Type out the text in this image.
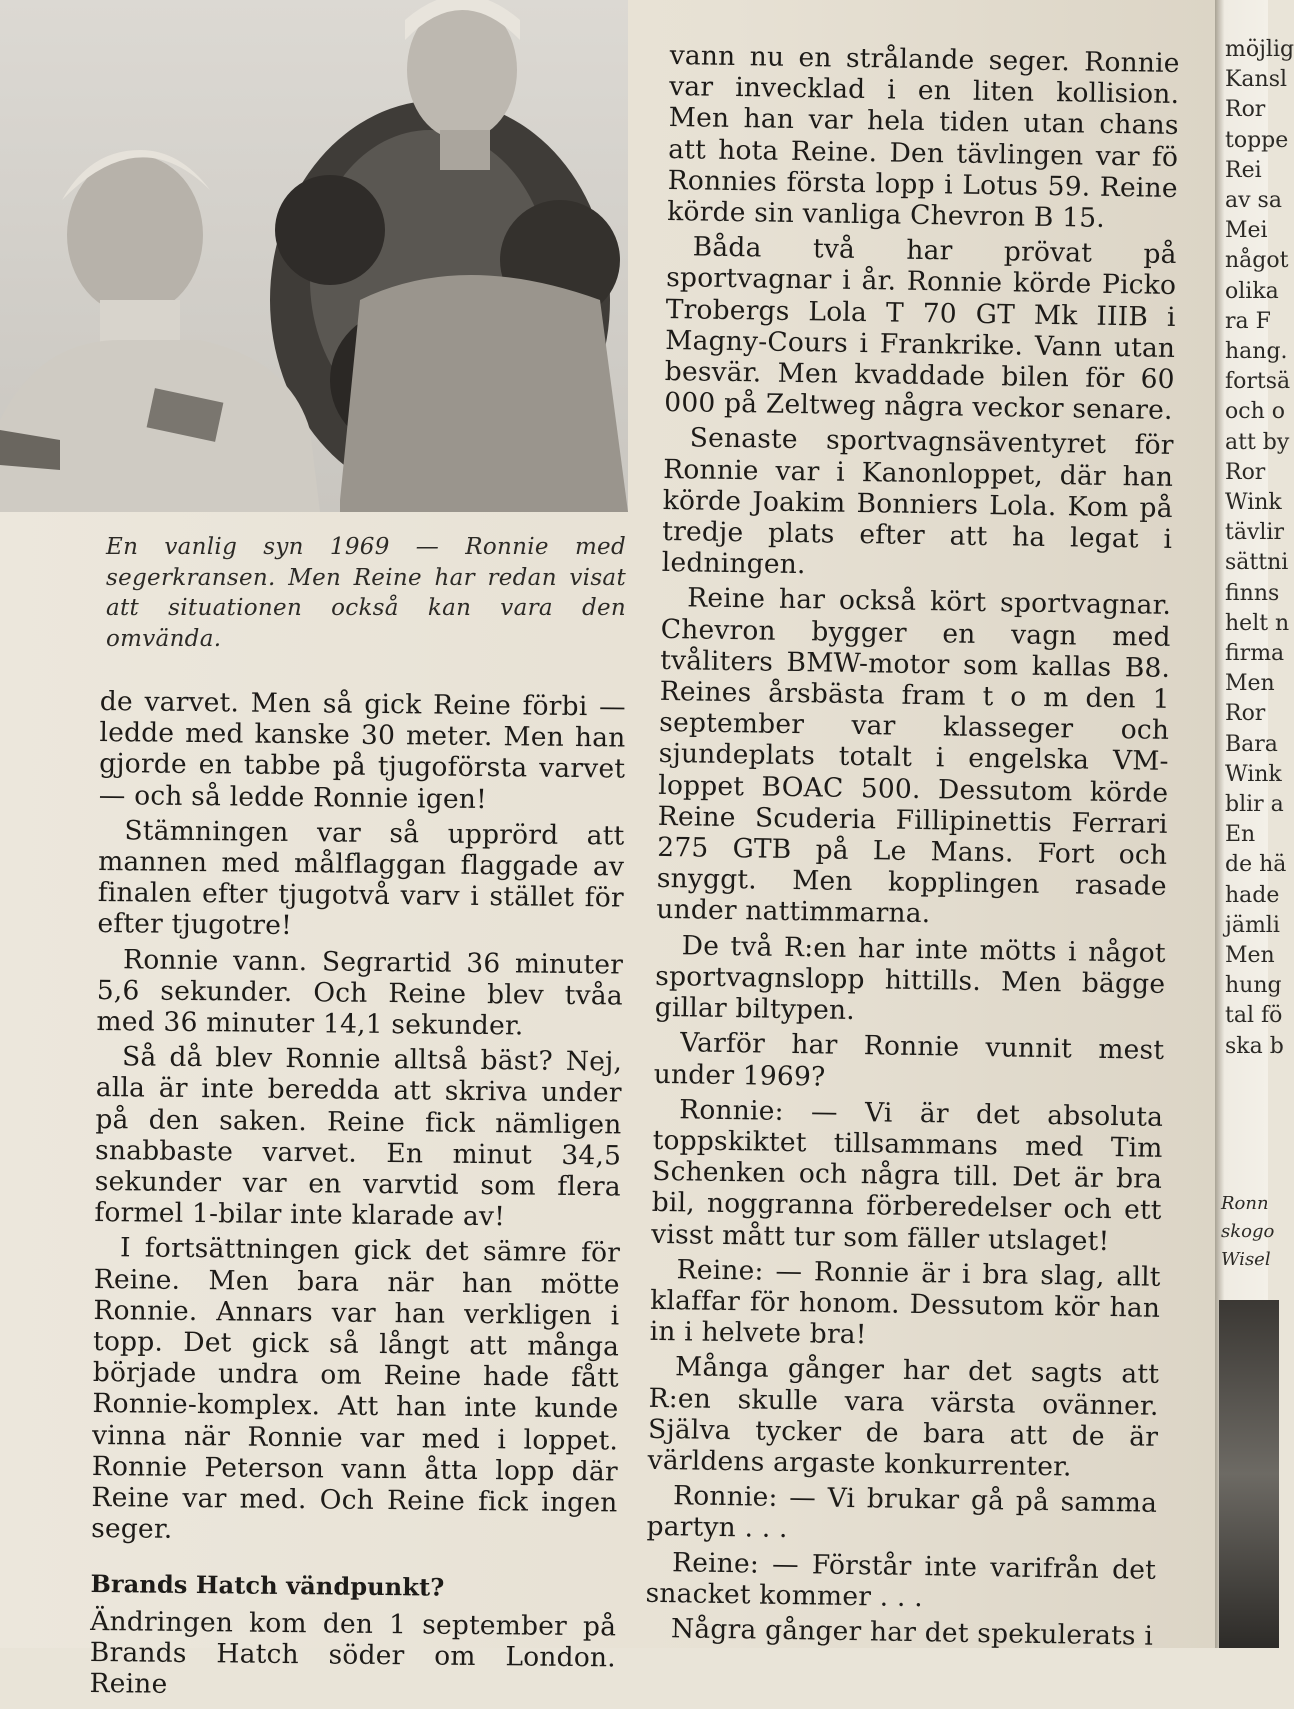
En vanlig syn 1969 — Ronnie med segerkransen. Men Reine har redan visat att situationen också kan vara den omvända.

de varvet. Men så gick Reine förbi — ledde med kanske 30 meter. Men han gjorde en tabbe på tjugoförsta varvet — och så ledde Ronnie igen!

Stämningen var så upprörd att mannen med målflaggan flaggade av finalen efter tjugotvå varv i stället för efter tjugotre!

Ronnie vann. Segrartid 36 minuter 5,6 sekunder. Och Reine blev tvåa med 36 minuter 14,1 sekunder.

Så då blev Ronnie alltså bäst? Nej, alla är inte beredda att skriva under på den saken. Reine fick nämligen snabbaste varvet. En minut 34,5 sekunder var en varvtid som flera formel 1-bilar inte klarade av!

I fortsättningen gick det sämre för Reine. Men bara när han mötte Ronnie. Annars var han verkligen i topp. Det gick så långt att många började undra om Reine hade fått Ronnie-komplex. Att han inte kunde vinna när Ronnie var med i loppet. Ronnie Peterson vann åtta lopp där Reine var med. Och Reine fick ingen seger.

Brands Hatch vändpunkt?

Ändringen kom den 1 september på Brands Hatch söder om London. Reine

vann nu en strålande seger. Ronnie var invecklad i en liten kollision. Men han var hela tiden utan chans att hota Reine. Den tävlingen var fö Ronnies första lopp i Lotus 59. Reine körde sin vanliga Chevron B 15.

Båda två har prövat på sportvagnar i år. Ronnie körde Picko Trobergs Lola T 70 GT Mk IIIB i Magny-Cours i Frankrike. Vann utan besvär. Men kvaddade bilen för 60 000 på Zeltweg några veckor senare.

Senaste sportvagnsäventyret för Ronnie var i Kanonloppet, där han körde Joakim Bonniers Lola. Kom på tredje plats efter att ha legat i ledningen.

Reine har också kört sportvagnar. Chevron bygger en vagn med tvåliters BMW-motor som kallas B8. Reines årsbästa fram t o m den 1 september var klasseger och sjundeplats totalt i engelska VM-loppet BOAC 500. Dessutom körde Reine Scuderia Fillipinettis Ferrari 275 GTB på Le Mans. Fort och snyggt. Men kopplingen rasade under nattimmarna.

De två R:en har inte mötts i något sportvagnslopp hittills. Men bägge gillar biltypen.

Varför har Ronnie vunnit mest under 1969?

Ronnie: — Vi är det absoluta toppskiktet tillsammans med Tim Schenken och några till. Det är bra bil, noggranna förberedelser och ett visst mått tur som fäller utslaget!

Reine: — Ronnie är i bra slag, allt klaffar för honom. Dessutom kör han in i helvete bra!

Många gånger har det sagts att R:en skulle vara värsta ovänner. Själva tycker de bara att de är världens argaste konkurrenter.

Ronnie: — Vi brukar gå på samma partyn . . .

Reine: — Förstår inte varifrån det snacket kommer . . .

Några gånger har det spekulerats i

möjlig
Kansl
Ror
toppe
Rei
av sa
Mei
något
olika
ra F
hang.
fortsä
och o
att by
Ror
Wink
tävlir
sättni
finns
helt n
firma
Men
Ror
Bara
Wink
blir a
En
de hä
hade
jämli
Men
hung
tal fö
ska b
Ronn
skogo
Wisel
